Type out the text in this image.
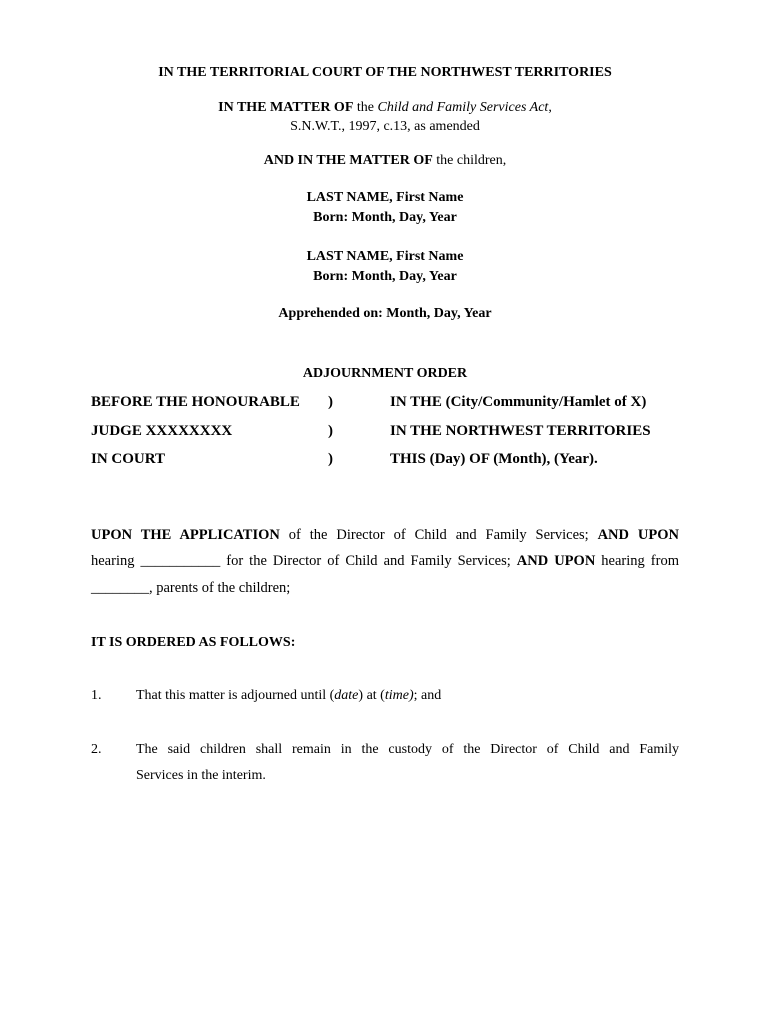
IN THE TERRITORIAL COURT OF THE NORTHWEST TERRITORIES
IN THE MATTER OF the Child and Family Services Act,
S.N.W.T., 1997, c.13, as amended
AND IN THE MATTER OF the children,
LAST NAME, First Name
Born: Month, Day, Year
LAST NAME, First Name
Born: Month, Day, Year
Apprehended on: Month, Day, Year
ADJOURNMENT ORDER
BEFORE THE HONOURABLE )	IN THE (City/Community/Hamlet of X)
JUDGE XXXXXXXX	)	IN THE NORTHWEST TERRITORIES
IN COURT	)	THIS (Day) OF (Month), (Year).
UPON THE APPLICATION of the Director of Child and Family Services; AND UPON
hearing ___________ for the Director of Child and Family Services; AND UPON hearing from
________, parents of the children;
IT IS ORDERED AS FOLLOWS:
1. That this matter is adjourned until (date) at (time); and
2. The said children shall remain in the custody of the Director of Child and Family
Services in the interim.
